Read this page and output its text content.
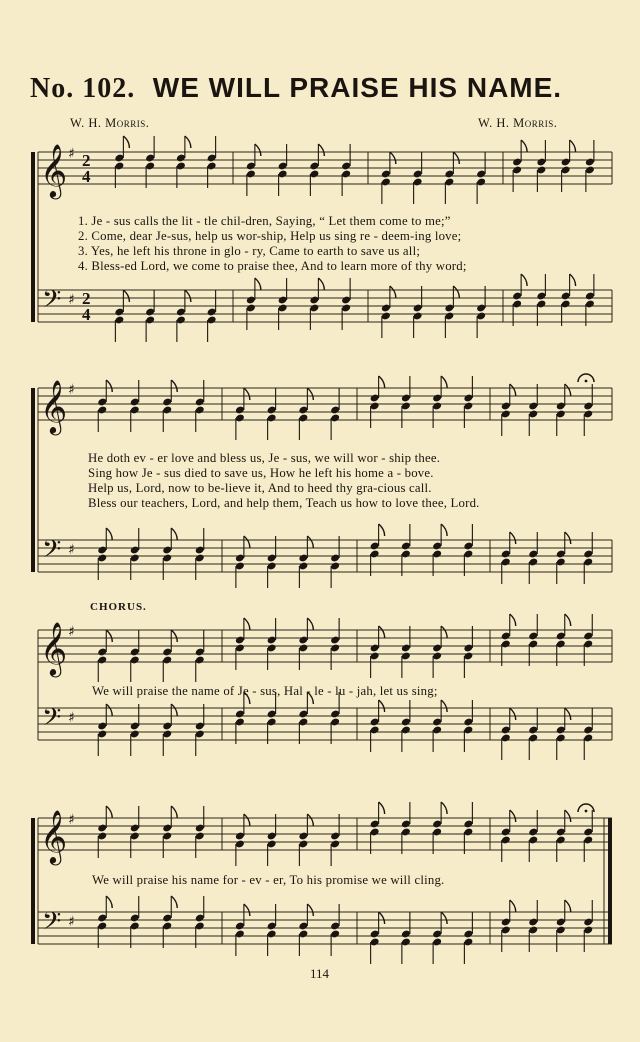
No. 102. WE WILL PRAISE HIS NAME.
W. H. Morris.	W. H. Morris.
𝄞
𝄢
♯
♯
2
4
2
4
𝄞
𝄢
♯
♯
𝄞
𝄢
♯
♯
𝄞
𝄢
♯
♯
1. Je - sus calls the lit - tle chil-dren, Saying, “ Let them come to me;”
2. Come, dear Je-sus, help us wor-ship, Help us sing re - deem-ing love;
3. Yes, he left his throne in glo - ry, Came to earth to save us all;
4. Bless-ed Lord, we come to praise thee, And to learn more of thy word;
He doth ev - er love and bless us, Je - sus, we will wor - ship thee.
Sing how Je - sus died to save us, How he left his home a - bove.
Help us, Lord, now to be-lieve it, And to heed thy gra-cious call.
Bless our teachers, Lord, and help them, Teach us how to love thee, Lord.
CHORUS.
We will praise the name of Je - sus, Hal - le - lu - jah, let us sing;
We will praise his name for - ev - er, To his promise we will cling.
114
